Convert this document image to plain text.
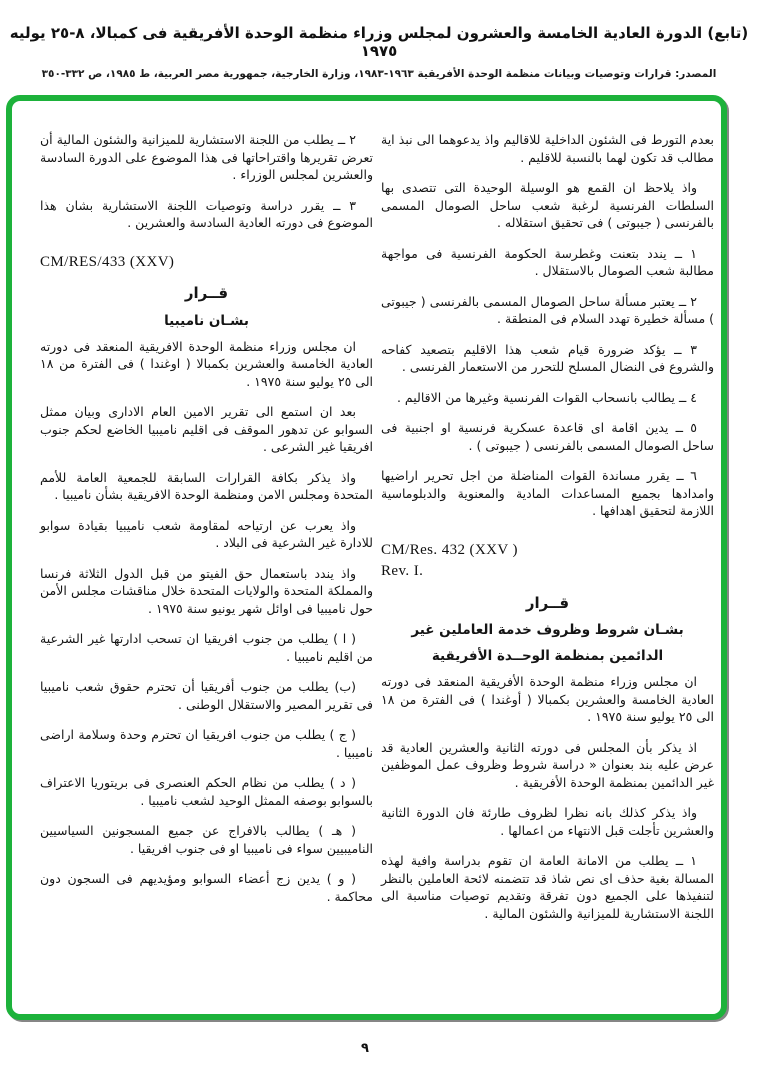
(تابع) الدورة العادية الخامسة والعشرون لمجلس وزراء منظمة الوحدة الأفريقية فى كمبالا، ٨-٢٥ يوليه ١٩٧٥
المصدر: قرارات وتوصيات وبيانات منظمة الوحدة الأفريقية ١٩٦٣-١٩٨٣، وزارة الخارجية، جمهورية مصر العربية، ط ١٩٨٥، ص ٣٣٢-٣٥٠
بعدم التورط فى الشئون الداخلية للاقاليم واذ يدعوهما الى نبذ اية مطالب قد تكون لهما بالنسبة للاقليم .
واذ يلاحظ ان القمع هو الوسيلة الوحيدة التى تتصدى بها السلطات الفرنسية لرغبة شعب ساحل الصومال المسمى بالفرنسى ( جيبوتى ) فى تحقيق استقلاله .
١ ــ يندد بتعنت وغطرسة الحكومة الفرنسية فى مواجهة مطالبة شعب الصومال بالاستقلال .
٢ ــ يعتبر مسألة ساحل الصومال المسمى بالفرنسى ( جيبوتى ) مسألة خطيرة تهدد السلام فى المنطقة .
٣ ــ يؤكد ضرورة قيام شعب هذا الاقليم بتصعيد كفاحه والشروع فى النضال المسلح للتحرر من الاستعمار الفرنسى .
٤ ــ يطالب بانسحاب القوات الفرنسية وغيرها من الاقاليم .
٥ ــ يدين اقامة اى قاعدة عسكرية فرنسية او اجنبية فى ساحل الصومال المسمى بالفرنسى ( جيبوتى ) .
٦ ــ يقرر مساندة القوات المناضلة من اجل تحرير اراضيها وامدادها بجميع المساعدات المادية والمعنوية والدبلوماسية اللازمة لتحقيق اهدافها .
CM/Res. 432 (XXV )
Rev. I.
قــرار
بشـان شروط وظروف خدمة العاملين غير
الدائمين بمنظمة الوحــدة الأفريقية
ان مجلس وزراء منظمة الوحدة الأفريقية المنعقد فى دورته العادية الخامسة والعشرين بكمبالا ( أوغندا ) فى الفترة من ١٨ الى ٢٥ يوليو سنة ١٩٧٥ .
اذ يذكر بأن المجلس فى دورته الثانية والعشرين العادية قد عرض عليه بند بعنوان « دراسة شروط وظروف عمل الموظفين غير الدائمين بمنظمة الوحدة الأفريقية .
واذ يذكر كذلك بانه نظرا لظروف طارئة فان الدورة الثانية والعشرين تأجلت قبل الانتهاء من اعمالها .
١ ــ يطلب من الامانة العامة ان تقوم بدراسة وافية لهذه المسالة بغية حذف اى نص شاذ قد تتضمنه لائحة العاملين بالنظر لتنفيذها على الجميع دون تفرقة وتقديم توصيات مناسبة الى اللجنة الاستشارية للميزانية والشئون المالية .
٢ ــ يطلب من اللجنة الاستشارية للميزانية والشئون المالية أن تعرض تقريرها واقتراحاتها فى هذا الموضوع على الدورة السادسة والعشرين لمجلس الوزراء .
٣ ــ يقرر دراسة وتوصيات اللجنة الاستشارية بشان هذا الموضوع فى دورته العادية السادسة والعشرين .
CM/RES/433 (XXV)
قــرار
بشـان ناميبيا
ان مجلس وزراء منظمة الوحدة الافريقية المنعقد فى دورته العادية الخامسة والعشرين بكمبالا ( اوغندا ) فى الفترة من ١٨ الى ٢٥ يوليو سنة ١٩٧٥ .
بعد ان استمع الى تقرير الامين العام الادارى وبيان ممثل السوابو عن تدهور الموقف فى اقليم ناميبيا الخاضع لحكم جنوب افريقيا غير الشرعى .
واذ يذكر بكافة القرارات السابقة للجمعية العامة للأمم المتحدة ومجلس الامن ومنظمة الوحدة الافريقية بشأن ناميبيا .
واذ يعرب عن ارتياحه لمقاومة شعب ناميبيا بقيادة سوابو للادارة غير الشرعية فى البلاد .
واذ يندد باستعمال حق الفيتو من قبل الدول الثلاثة فرنسا والمملكة المتحدة والولايات المتحدة خلال مناقشات مجلس الأمن حول ناميبيا فى اوائل شهر يونيو سنة ١٩٧٥ .
( ا ) يطلب من جنوب افريقيا ان تسحب ادارتها غير الشرعية من اقليم ناميبيا .
(ب) يطلب من جنوب أفريقيا أن تحترم حقوق شعب ناميبيا فى تقرير المصير والاستقلال الوطنى .
( ج ) يطلب من جنوب افريقيا ان تحترم وحدة وسلامة اراضى ناميبيا .
( د ) يطلب من نظام الحكم العنصرى فى بريتوريا الاعتراف بالسوابو بوصفه الممثل الوحيد لشعب ناميبيا .
( هـ ) يطالب بالافراج عن جميع المسجونين السياسيين الناميبيين سواء فى ناميبيا او فى جنوب افريقيا .
( و ) يدين زج أعضاء السوابو ومؤيديهم فى السجون دون محاكمة .
٩
